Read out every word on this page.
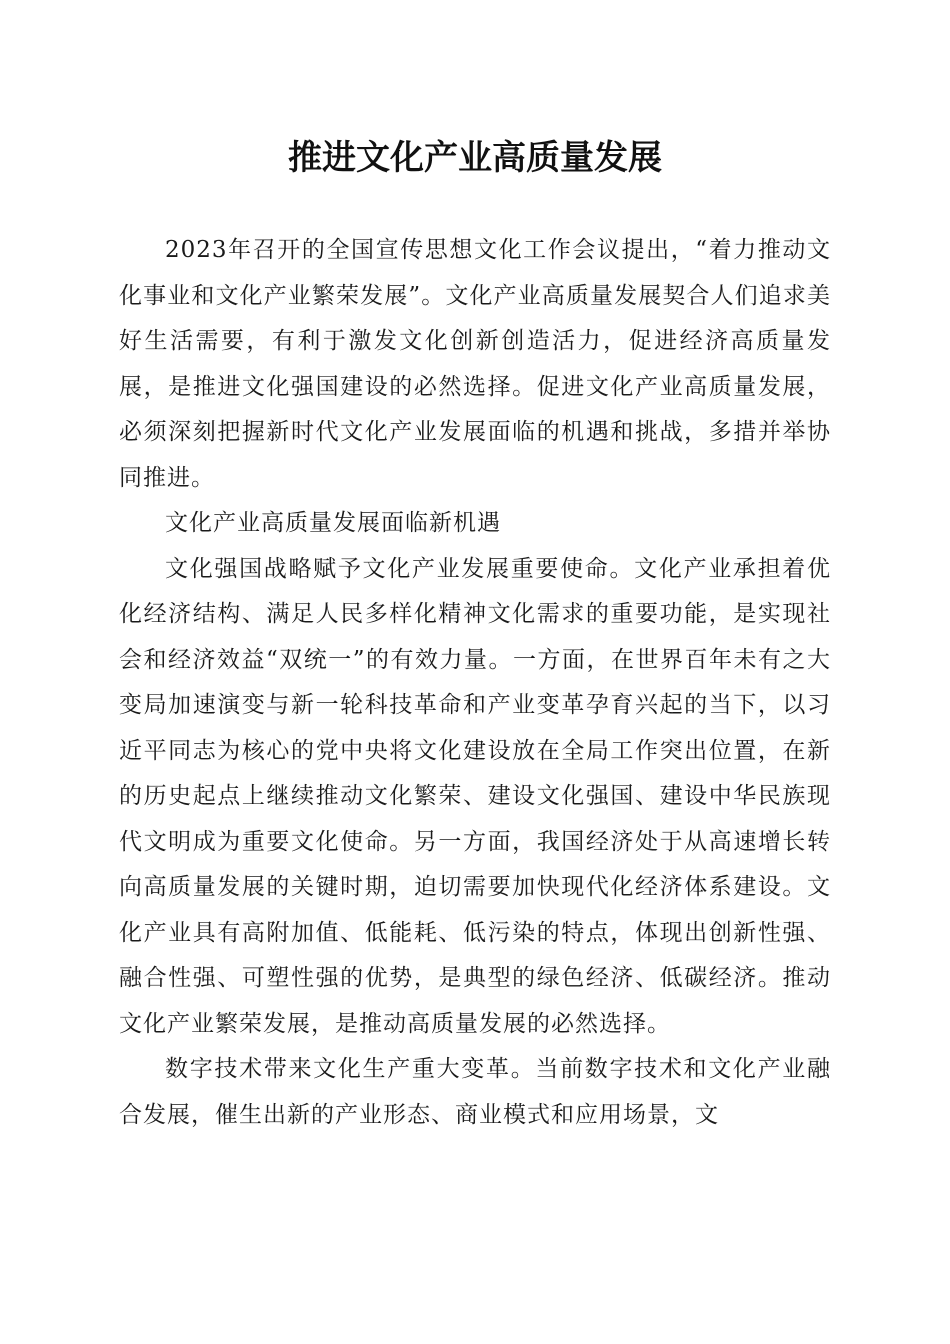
推进文化产业高质量发展

2023年召开的全国宣传思想文化工作会议提出，“着力推动文化事业和文化产业繁荣发展”。文化产业高质量发展契合人们追求美好生活需要，有利于激发文化创新创造活力，促进经济高质量发展，是推进文化强国建设的必然选择。促进文化产业高质量发展，必须深刻把握新时代文化产业发展面临的机遇和挑战，多措并举协同推进。

文化产业高质量发展面临新机遇

文化强国战略赋予文化产业发展重要使命。文化产业承担着优化经济结构、满足人民多样化精神文化需求的重要功能，是实现社会和经济效益“双统一”的有效力量。一方面，在世界百年未有之大变局加速演变与新一轮科技革命和产业变革孕育兴起的当下，以习近平同志为核心的党中央将文化建设放在全局工作突出位置，在新的历史起点上继续推动文化繁荣、建设文化强国、建设中华民族现代文明成为重要文化使命。另一方面，我国经济处于从高速增长转向高质量发展的关键时期，迫切需要加快现代化经济体系建设。文化产业具有高附加值、低能耗、低污染的特点，体现出创新性强、融合性强、可塑性强的优势，是典型的绿色经济、低碳经济。推动文化产业繁荣发展，是推动高质量发展的必然选择。

数字技术带来文化生产重大变革。当前数字技术和文化产业融合发展，催生出新的产业形态、商业模式和应用场景，文
